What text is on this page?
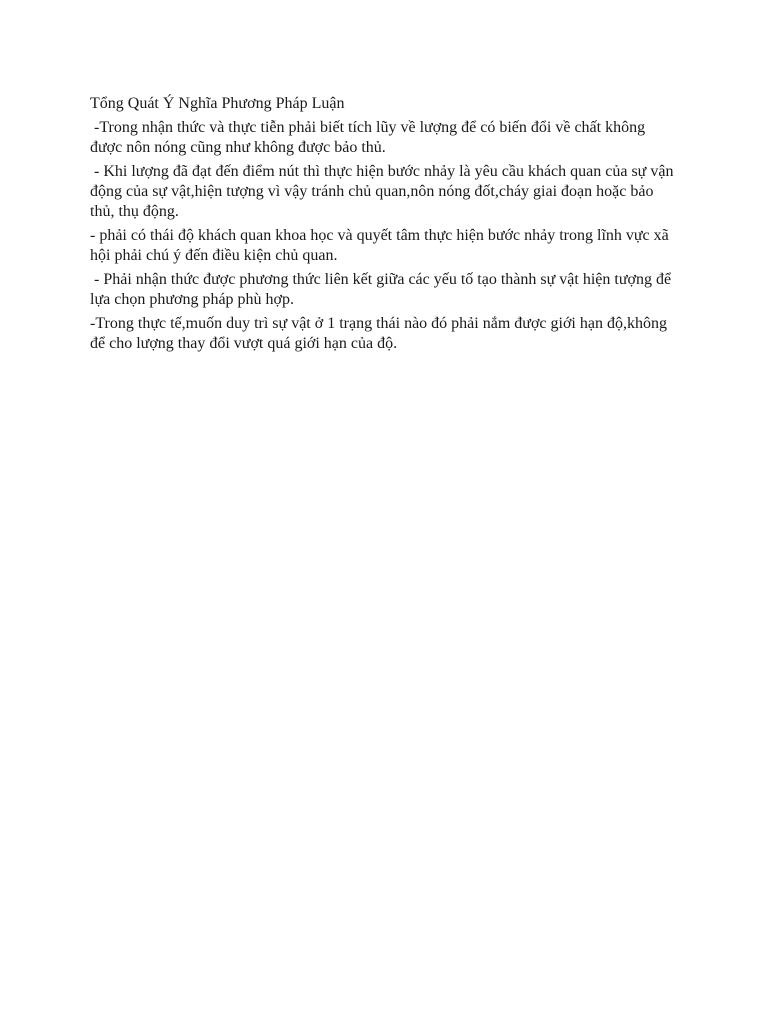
Tổng Quát Ý Nghĩa Phương Pháp Luận

-Trong nhận thức và thực tiễn phải biết tích lũy về lượng để có biến đổi về chất không được nôn nóng cũng như không được bảo thủ.

- Khi lượng đã đạt đến điểm nút thì thực hiện bước nhảy là yêu cầu khách quan của sự vận động của sự vật,hiện tượng vì vậy tránh chủ quan,nôn nóng đốt,cháy giai đoạn hoặc bảo thủ, thụ động.

- phải có thái độ khách quan khoa học và quyết tâm thực hiện bước nhảy trong lĩnh vực xã hội phải chú ý đến điều kiện chủ quan.

- Phải nhận thức được phương thức liên kết giữa các yếu tố tạo thành sự vật hiện tượng để lựa chọn phương pháp phù hợp.

-Trong thực tế,muốn duy trì sự vật ở 1 trạng thái nào đó phải nắm được giới hạn độ,không để cho lượng thay đổi vượt quá giới hạn của độ.
